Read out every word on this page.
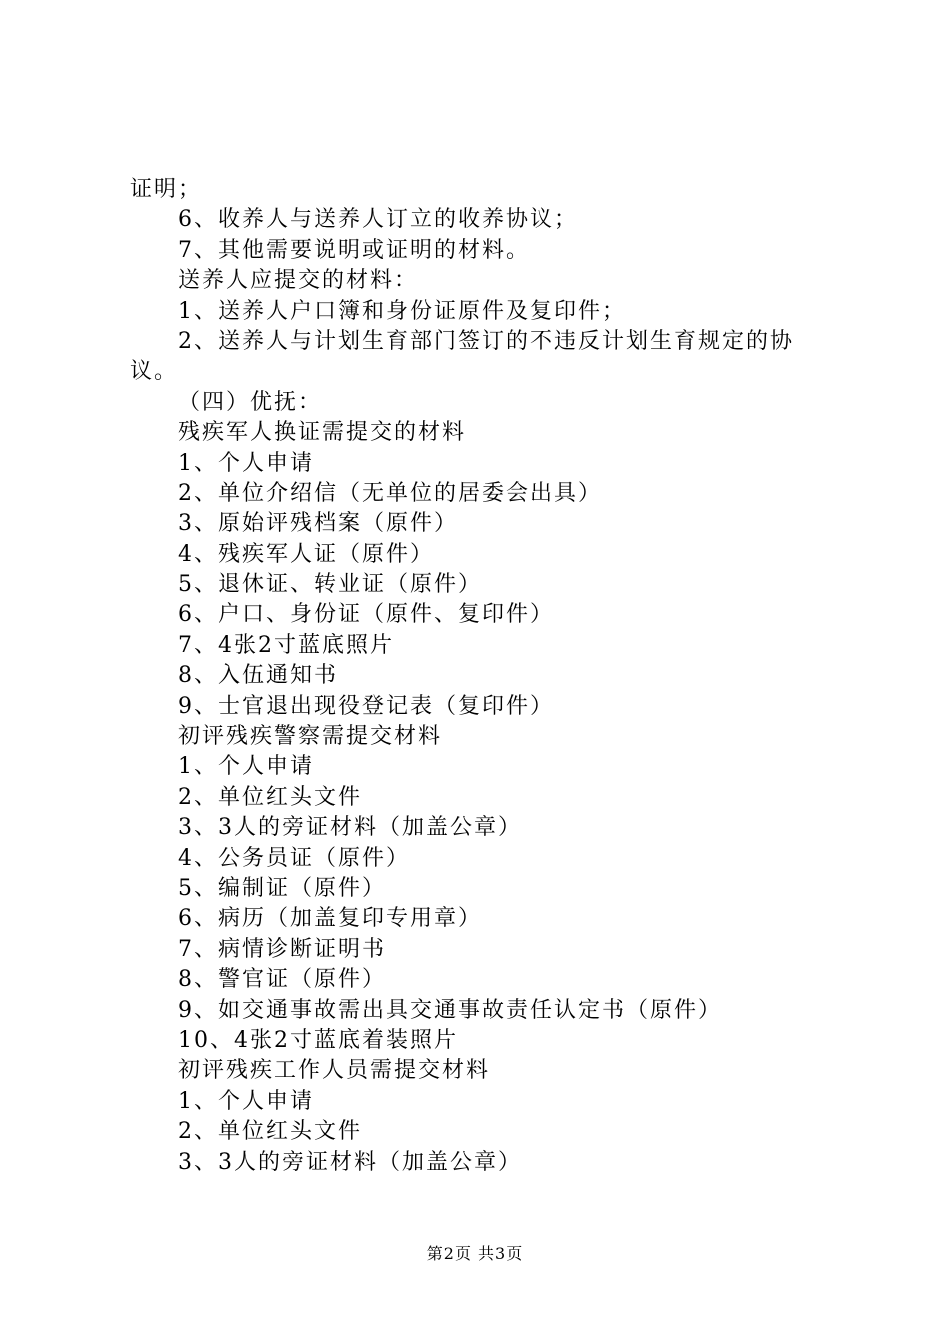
证明；
6、收养人与送养人订立的收养协议；
7、其他需要说明或证明的材料。
送养人应提交的材料：
1、送养人户口簿和身份证原件及复印件；
2、送养人与计划生育部门签订的不违反计划生育规定的协
议。
（四）优抚：
残疾军人换证需提交的材料
1、个人申请
2、单位介绍信（无单位的居委会出具）
3、原始评残档案（原件）
4、残疾军人证（原件）
5、退休证、转业证（原件）
6、户口、身份证（原件、复印件）
7、4张2寸蓝底照片
8、入伍通知书
9、士官退出现役登记表（复印件）
初评残疾警察需提交材料
1、个人申请
2、单位红头文件
3、3人的旁证材料（加盖公章）
4、公务员证（原件）
5、编制证（原件）
6、病历（加盖复印专用章）
7、病情诊断证明书
8、警官证（原件）
9、如交通事故需出具交通事故责任认定书（原件）
10、4张2寸蓝底着装照片
初评残疾工作人员需提交材料
1、个人申请
2、单位红头文件
3、3人的旁证材料（加盖公章）
第2页 共3页
